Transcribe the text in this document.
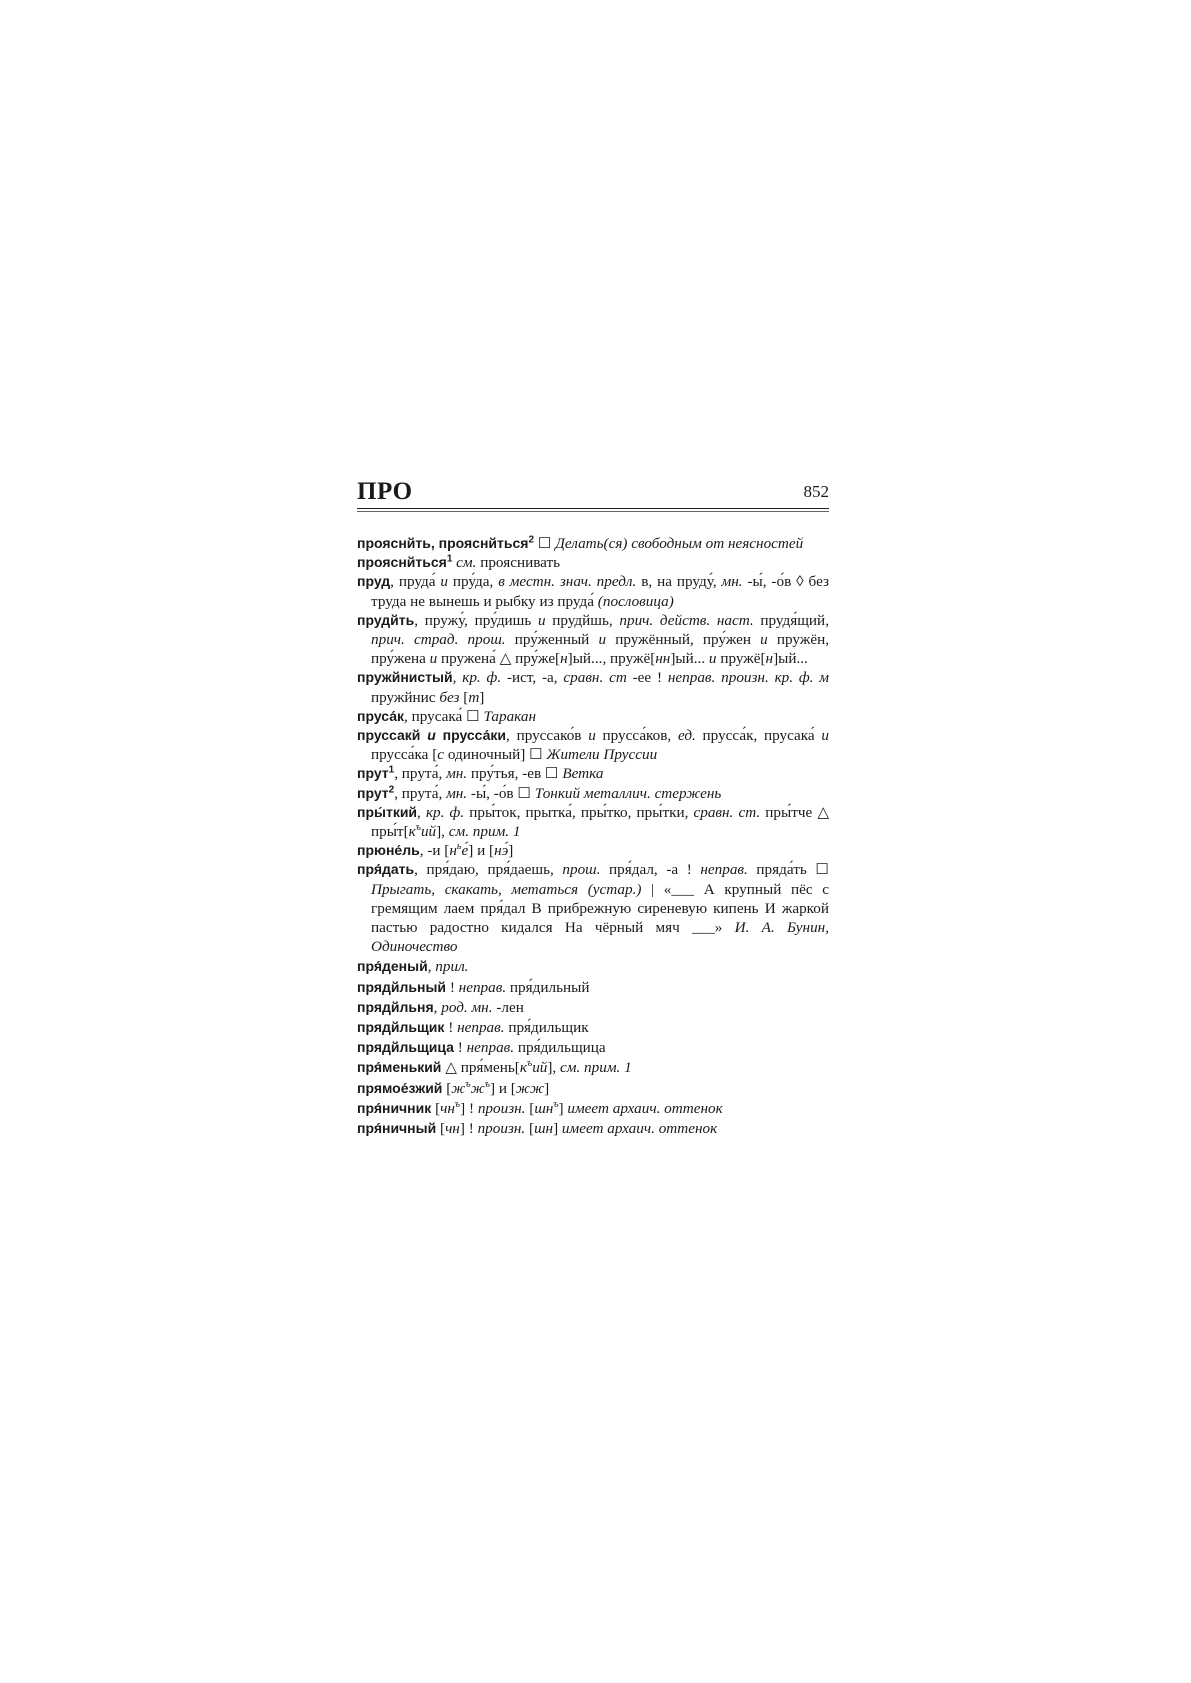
ПРО	852

прояснйть, прояснйться$^2$ ☐ Делать(ся) свободным от неясностей

прояснйться$^1$ см. прояснивать

пруд, пруда́ и пру́да, в местн. знач. предл. в, на пруду́, мн. -ы́, -о́в ◊ без труда не вынешь и рыбку из пруда́ (пословица)

прудйть, пружу́, пру́дишь и прудйшь, прич. действ. наст. прудя́щий, прич. страд. прош. пру́женный и пружённый, пру́жен и пружён, пру́жена и пружена́ △ пру́же[н]ый..., пружё[нн]ый... и пружё[н]ый...

пружйнистый, кр. ф. -ист, -а, сравн. ст -ее ! неправ. произн. кр. ф. м пружйнис без [т]

пруса́к, прусака́ ☐ Таракан

пруссакй и прусса́ки, пруссако́в и прусса́ков, ед. прусса́к, прусака́ и прусса́ка [с одиночный] ☐ Жители Пруссии

прут$^1$, прута́, мн. пру́тья, -ев ☐ Ветка

прут$^2$, прута́, мн. -ы́, -о́в ☐ Тонкий металлич. стержень

пры́ткий, кр. ф. пры́ток, прытка́, пры́тко, пры́тки, сравн. ст. пры́тче △ $пры́т[к^ъий]$, см. прим. 1

прюне́ль, -и $[н^ье́]$ и [нэ́]

пря́дать, пря́даю, пря́даешь, прош. пря́дал, -а ! неправ. пряда́ть ☐ Прыгать, скакать, метаться (устар.) | «___ А крупный пёс с гремящим лаем пря́дал В прибрежную сиреневую кипень И жаркой пастью радостно кидался На чёрный мяч ___» И. А. Бунин, Одиночество

пря́деный, прил.

прядйльный ! неправ. пря́дильный

прядйльня, род. мн. -лен

прядйльщик ! неправ. пря́дильщик

прядйльщица ! неправ. пря́дильщица

пря́менький △ $пря́мень[к^ъий]$, см. прим. 1

прямое́зжий $[ж^ъж^ъ]$ и [жж]

пря́ничник $[чн^ъ]$ ! произн. $[шн^ъ]$ имеет архаич. оттенок

пря́ничный [чн] ! произн. [шн] имеет архаич. оттенок
